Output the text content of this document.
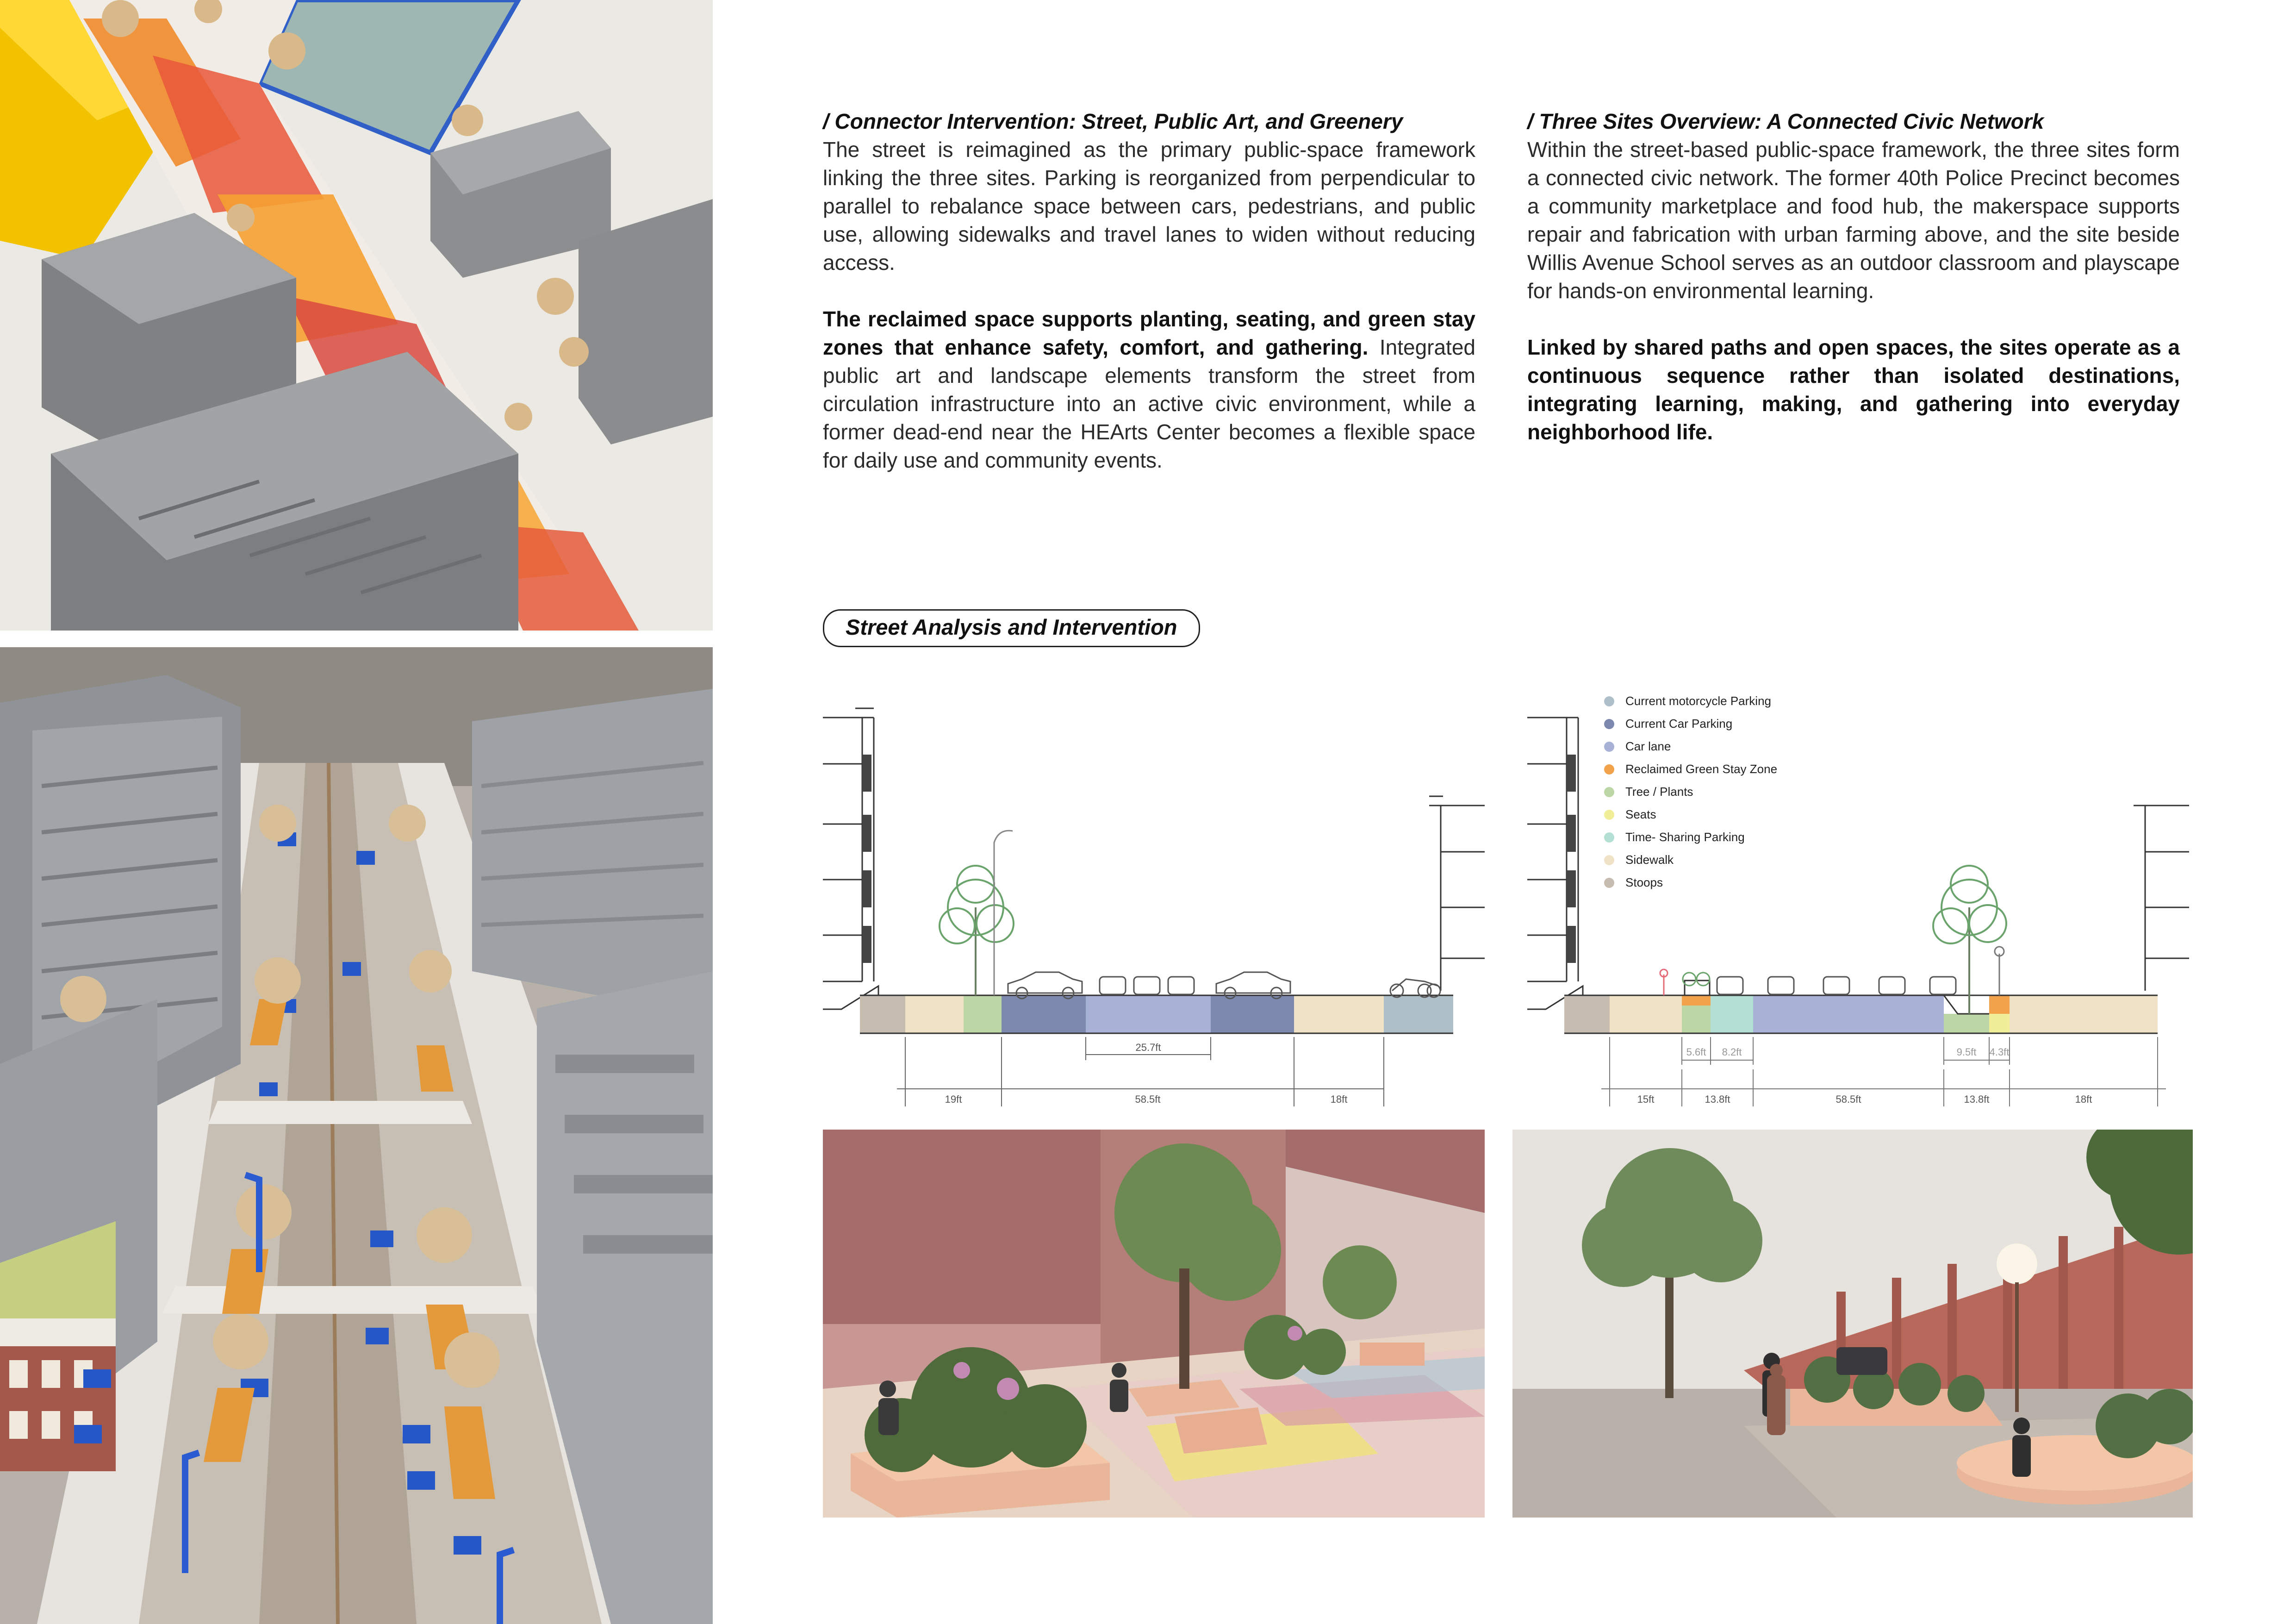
/ Connector Intervention: Street, Public Art, and Greenery
The street is reimagined as the primary public-space framework linking the three sites. Parking is reorganized from perpendicular to parallel to rebalance space between cars, pedestrians, and public use, allowing sidewalks and travel lanes to widen without reducing access.
The reclaimed space supports planting, seating, and green stay zones that enhance safety, comfort, and gathering. Integrated public art and landscape elements transform the street from circulation infrastructure into an active civic environment, while a former dead-end near the HEArts Center becomes a flexible space for daily use and community events.
/ Three Sites Overview: A Connected Civic Network
Within the street-based public-space framework, the three sites form a connected civic network. The former 40th Police Precinct becomes a community marketplace and food hub, the makerspace supports repair and fabrication with urban farming above, and the site beside Willis Avenue School serves as an outdoor classroom and playscape for hands-on environmental learning.
Linked by shared paths and open spaces, the sites operate as a continuous sequence rather than isolated destinations, integrating learning, making, and gathering into everyday neighborhood life.
Street Analysis and Intervention
25.7ft
19ft	58.5ft	18ft
5.6ft 8.2ft	9.5ft 4.3ft
15ft	13.8ft	58.5ft	13.8ft	18ft
Current motorcycle Parking
Current Car Parking
Car lane
Reclaimed Green Stay Zone
Tree / Plants
Seats
Time- Sharing Parking
Sidewalk
Stoops
